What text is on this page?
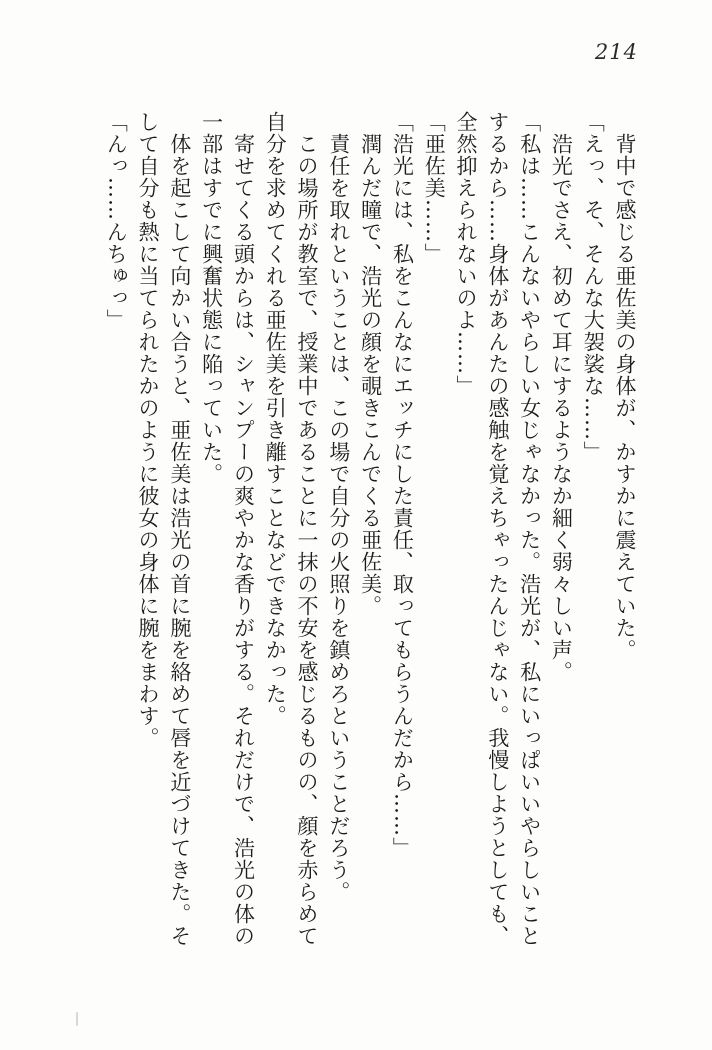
214

背中で感じる亜佐美の身体が、かすかに震えていた。

「えっ、そ、そんな大袈裟な……」

浩光でさえ、初めて耳にするようなか細く弱々しい声。

「私は……こんないやらしい女じゃなかった。浩光が、私にいっぱいいやらしいことするから……身体があんたの感触を覚えちゃったんじゃない。我慢しようとしても、全然抑えられないのよ……」

「亜佐美……」

「浩光には、私をこんなにエッチにした責任、取ってもらうんだから……」

潤んだ瞳で、浩光の顔を覗きこんでくる亜佐美。

責任を取れということは、この場で自分の火照りを鎮めろということだろう。

この場所が教室で、授業中であることに一抹の不安を感じるものの、顔を赤らめて自分を求めてくれる亜佐美を引き離すことなどできなかった。

寄せてくる頭からは、シャンプーの爽やかな香りがする。それだけで、浩光の体の一部はすでに興奮状態に陥っていた。

体を起こして向かい合うと、亜佐美は浩光の首に腕を絡めて唇を近づけてきた。そして自分も熱に当てられたかのように彼女の身体に腕をまわす。

「んっ……んちゅっ」
